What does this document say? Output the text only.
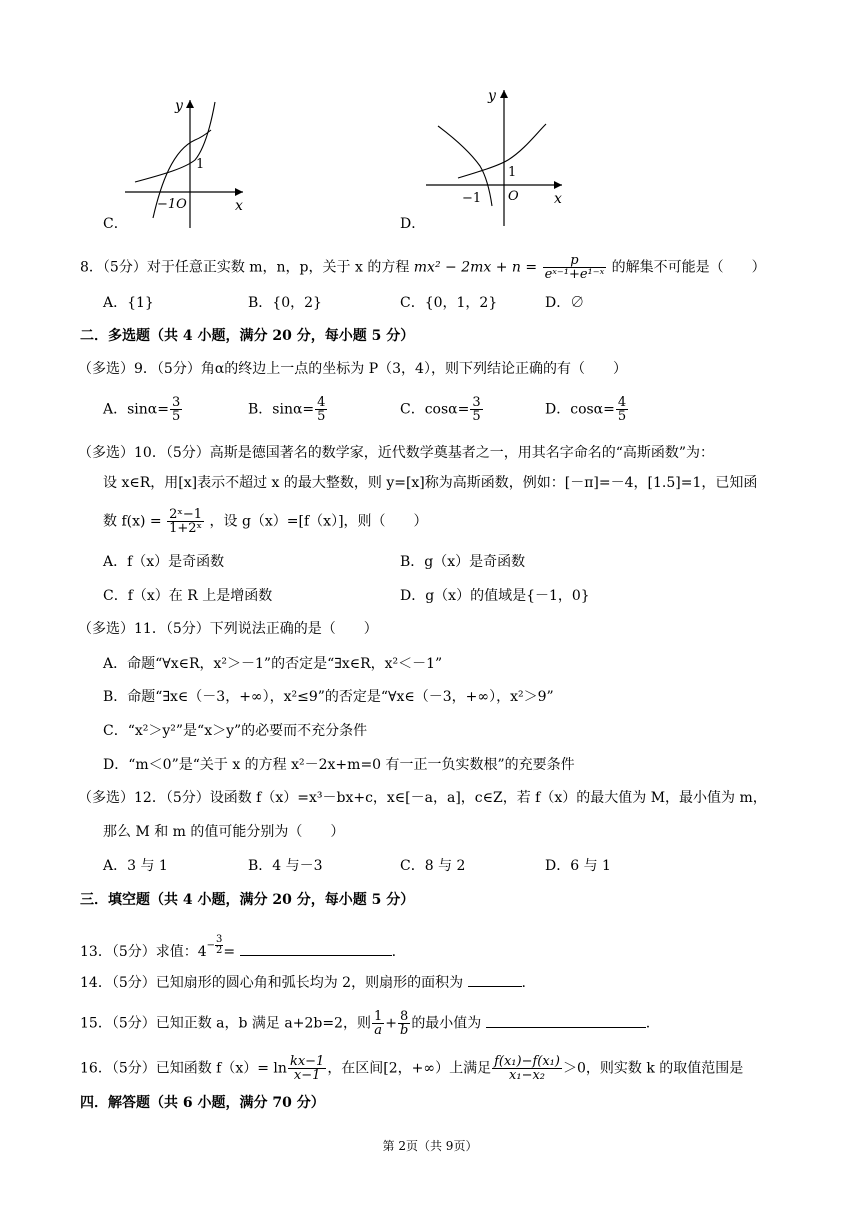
y
x
1
−1O
C．
y
x
1
O
−1
D．
8．（5分）对于任意正实数 m，n，p，关于 x 的方程 $mx^2 - 2mx + n = \frac{p}{\text{eˣ⁻¹+e¹⁻ˣ}}$ 的解集不可能是（　　）
A．{1}	B．{0，2}	C．{0，1，2}	D．∅
二．多选题（共 4 小题，满分 20 分，每小题 5 分）
（多选）9．（5分）角α的终边上一点的坐标为 P（3，4），则下列结论正确的有（　　）
A．$\sin\alpha= \frac{3}{5}$	B．$\sin\alpha= \frac{4}{5}$	C．$\cos\alpha= \frac{3}{5}$	D．$\cos\alpha= \frac{4}{5}$
（多选）10．（5分）高斯是德国著名的数学家，近代数学奠基者之一，用其名字命名的“高斯函数”为：
设 x∈R，用[x]表示不超过 x 的最大整数，则 y=[x]称为高斯函数，例如：[－π]=－4，[1.5]=1，已知函
数 $f(x) = \frac{\text{2ˣ−1}}{\text{1+2ˣ}}$ ，设 g（x）=[f（x）]，则（　　）
A．f（x）是奇函数	B．g（x）是奇函数
C．f（x）在 R 上是增函数	D．g（x）的值域是{－1，0}
（多选）11．（5分）下列说法正确的是（　　）
A．命题“∀x∈R，x²＞－1”的否定是“∃x∈R，x²＜－1”
B．命题“∃x∈（－3，+∞），x²≤9”的否定是“∀x∈（－3，+∞），x²＞9”
C．“x²＞y²”是“x＞y”的必要而不充分条件
D．“m＜0”是“关于 x 的方程 x²－2x+m=0 有一正一负实数根”的充要条件
（多选）12．（5分）设函数 f（x）=x³－bx+c，x∈[－a，a]，c∈Z，若 f（x）的最大值为 M，最小值为 m，
那么 M 和 m 的值可能分别为（　　）
A．3 与 1	B．4 与－3	C．8 与 2	D．6 与 1
三．填空题（共 4 小题，满分 20 分，每小题 5 分）
13．（5分）求值：$4- \frac{3}{2}$ =	.
14．（5分）已知扇形的圆心角和弧长均为 2，则扇形的面积为	.
15．（5分）已知正数 a，b 满足 a+2b=2，则 $\frac{1}{a} + \frac{8}{b}$ 的最小值为	.
16．（5分）已知函数 $f(x)= \ln \frac{kx-1}{x-1}$ ，在区间[2，+∞）上满足 $\frac{\text{f(x₁)−f(x₁)}}{\text{x₁−x₂}} >0$，则实数 k 的取值范围是
四．解答题（共 6 小题，满分 70 分）
第 2页（共 9页）
